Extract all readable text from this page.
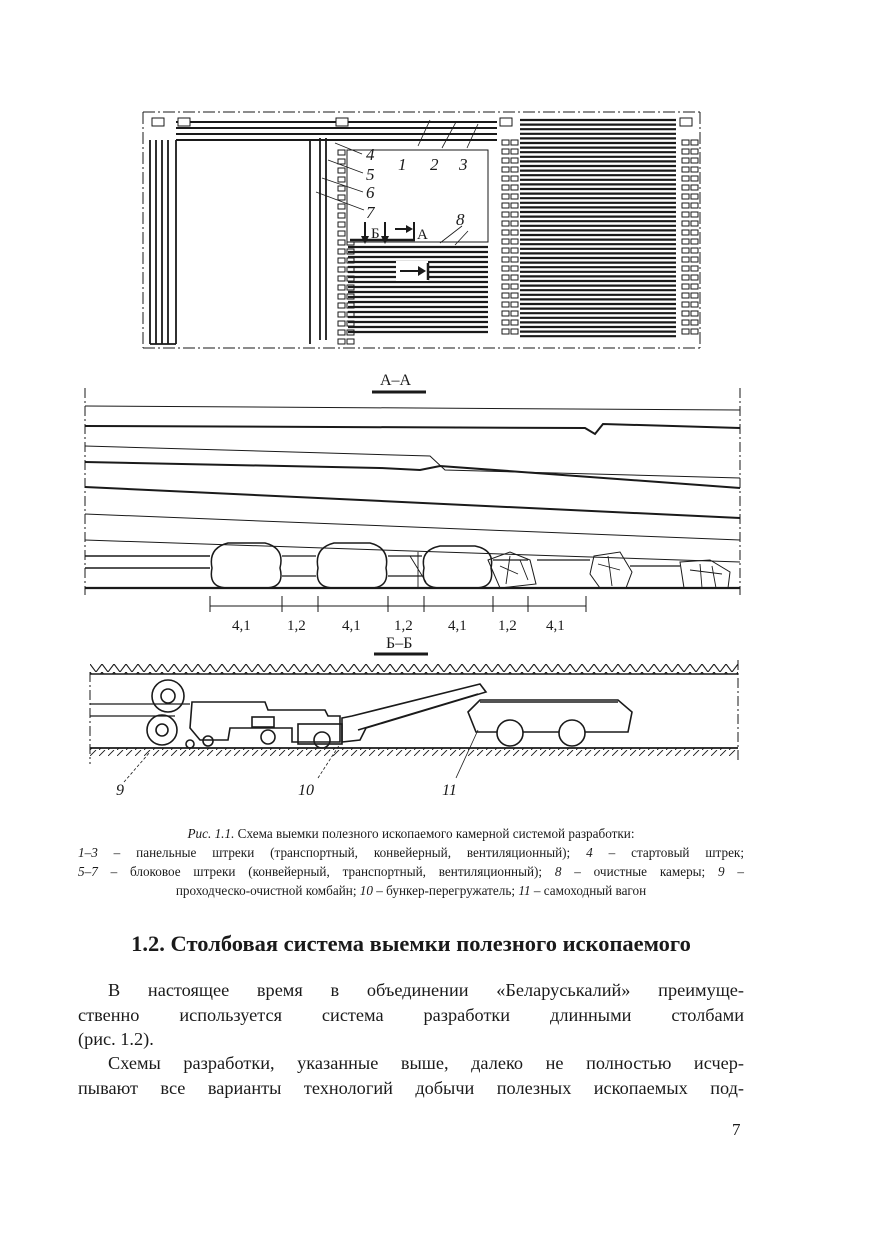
1 2 3
4
5
6
7	8
Б А
А–А
4,1 1,2 4,1 1,2 4,1 1,2 4,1
Б–Б
9	10	11
Рис. 1.1. Схема выемки полезного ископаемого камерной системой разработки:
1–3 – панельные штреки (транспортный, конвейерный, вентиляционный); 4 – стартовый штрек;
5–7 – блоковое штреки (конвейерный, транспортный, вентиляционный); 8 – очистные камеры; 9 –
проходческо-очистной комбайн; 10 – бункер-перегружатель; 11 – самоходный вагон
1.2. Столбовая система выемки полезного ископаемого
В настоящее время в объединении «Беларуськалий» преимуще-
ственно используется система разработки длинными столбами
(рис. 1.2).
Схемы разработки, указанные выше, далеко не полностью исчер-
пывают все варианты технологий добычи полезных ископаемых под-
7
